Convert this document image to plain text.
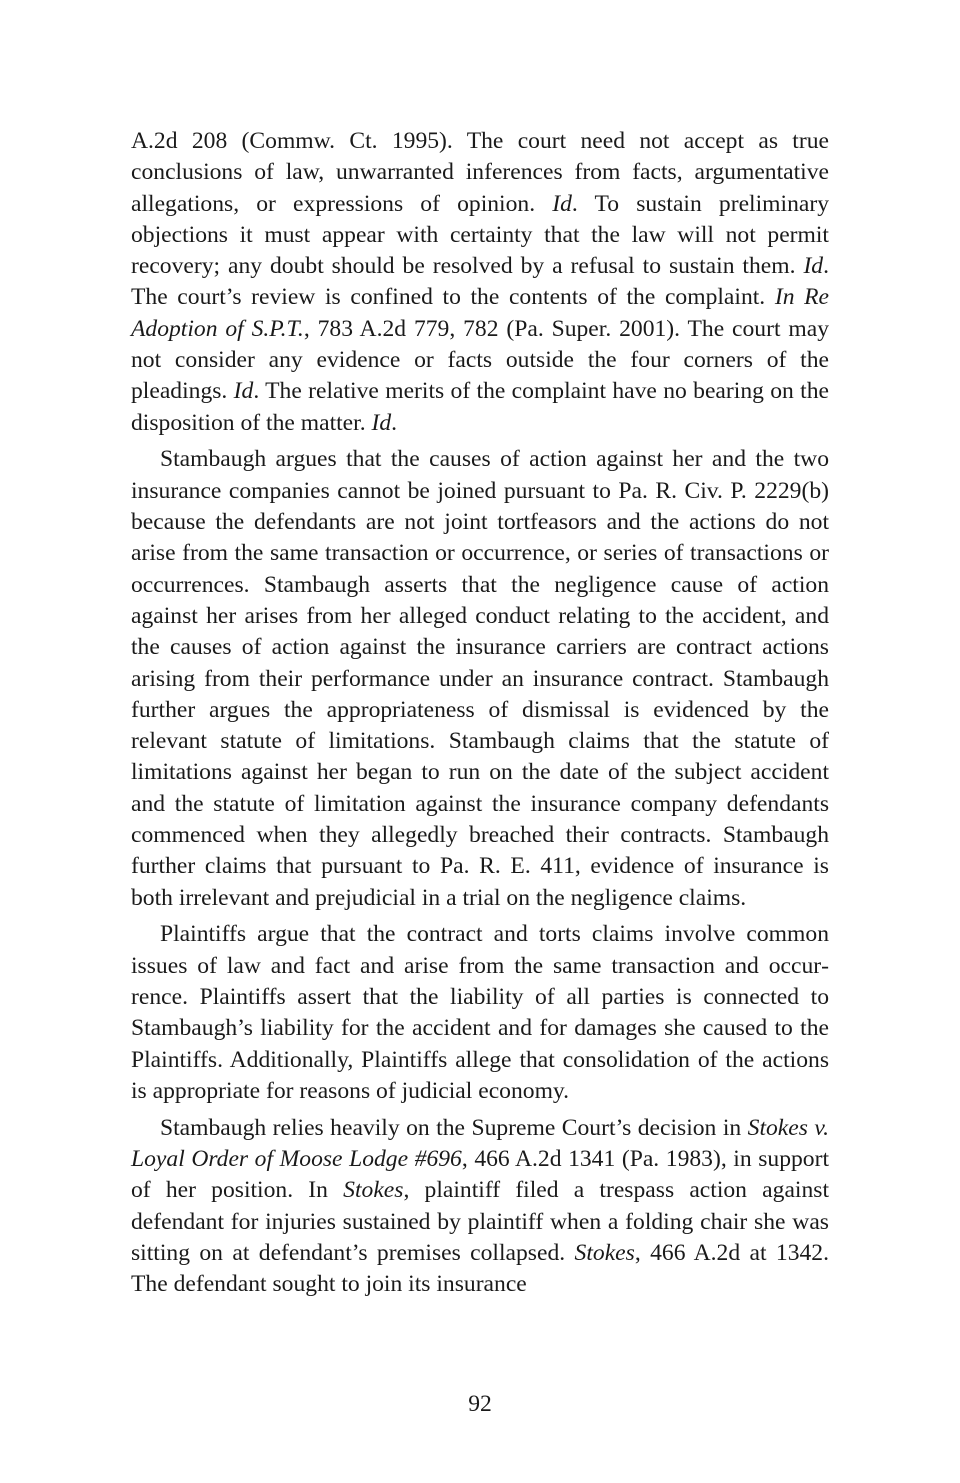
A.2d 208 (Commw. Ct. 1995). The court need not accept as true conclusions of law, unwarranted inferences from facts, argumentative allegations, or expressions of opinion. Id. To sustain preliminary objections it must appear with certainty that the law will not permit recovery; any doubt should be resolved by a refusal to sustain them. Id. The court’s review is confined to the contents of the complaint. In Re Adoption of S.P.T., 783 A.2d 779, 782 (Pa. Super. 2001). The court may not consider any evidence or facts outside the four corners of the pleadings. Id. The relative merits of the complaint have no bearing on the disposition of the matter. Id.

Stambaugh argues that the causes of action against her and the two insurance companies cannot be joined pursuant to Pa. R. Civ. P. 2229(b) because the defendants are not joint tortfeasors and the actions do not arise from the same transaction or occurrence, or series of transactions or occurrences. Stambaugh asserts that the negligence cause of action against her arises from her alleged conduct relating to the accident, and the causes of action against the insurance carriers are contract actions arising from their performance under an insurance contract. Stambaugh further argues the appropriateness of dismissal is evidenced by the relevant statute of limitations. Stambaugh claims that the statute of limitations against her began to run on the date of the subject accident and the statute of limitation against the insurance company defendants commenced when they allegedly breached their contracts. Stambaugh further claims that pursuant to Pa. R. E. 411, evidence of insurance is both irrelevant and prejudicial in a trial on the negligence claims.

Plaintiffs argue that the contract and torts claims involve common issues of law and fact and arise from the same transaction and occurrence. Plaintiffs assert that the liability of all parties is connected to Stambaugh’s liability for the accident and for damages she caused to the Plaintiffs. Additionally, Plaintiffs allege that consolidation of the actions is appropriate for reasons of judicial economy.

Stambaugh relies heavily on the Supreme Court’s decision in Stokes v. Loyal Order of Moose Lodge #696, 466 A.2d 1341 (Pa. 1983), in support of her position. In Stokes, plaintiff filed a trespass action against defendant for injuries sustained by plaintiff when a folding chair she was sitting on at defendant’s premises collapsed. Stokes, 466 A.2d at 1342. The defendant sought to join its insurance

92
